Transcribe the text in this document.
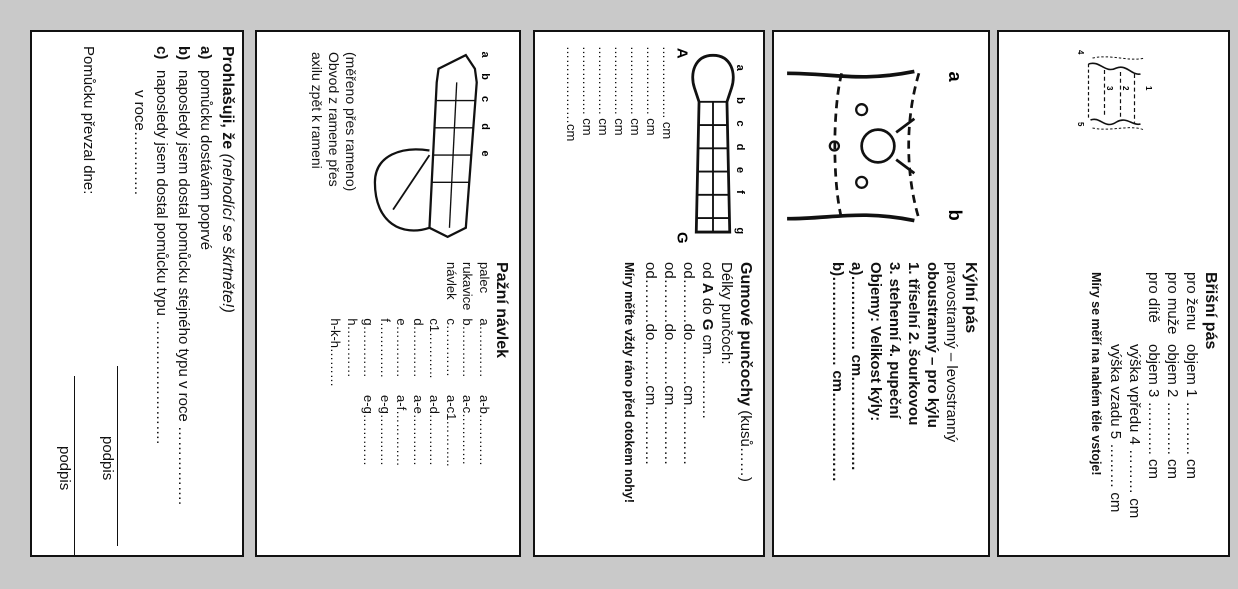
1
2
3
4
5
Břišní pás
pro ženuobjem 1 ……….. cm
pro mužeobjem 2 ……….. cm
pro dítěobjem 3 ……….. cm
výška vpředu 4 ……… cm
výška vzadu 5 ……… cm
Míry se měří na nahém těle vstoje!
a
b
Kýlní pás
pravostranný – levostranný
oboustranný – pro kýlu
1. tříselní 2. šourkovou
3. stehenní 4. pupeční
Objemy: Velikost kýly:
a)…………… cm……………….
b)……………… cm………………
A
G
a
b
c
d
e
f
g
…………….. cm
……………. cm
……………. cm
……………. cm
……………. cm
……………. cm
………………cm
Gumové punčochy (kusů……)
Délky punčoch:
od A do G cm………….
od………do………cm…………
od………do………cm…………
od………do………cm…………
Míry měřte vždy ráno před otokem nohy!
a
b
c
d
e
(měřeno přes rameno)
Obvod z ramene přes
axilu zpět k rameni
Pažní návlek
palec
rukavice
návlek
a…………
b…………
c…………
c1………..
d…………
e…………
f………….
g…………
h…………
h-k-h………
a-b…………
a-c…………
a-c1………..
a-d…………
a-e…………
a-f………….
e-g…………
e-g…………
Prohlašuji, že (nehodící se škrtněte!)
a)pomůcku dostávám poprvé
b)naposledy jsem dostal pomůcku stejného typu v roce …………….
c)naposledy jsem dostal pomůcku typu …………………….
v roce………….
podpis
Pomůcku převzal dne:
podpis
